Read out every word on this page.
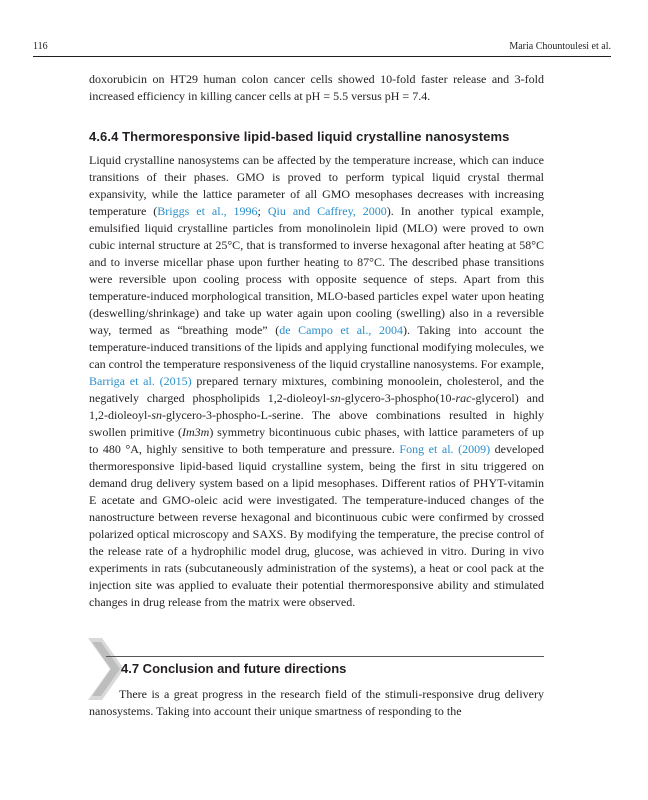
116	Maria Chountoulesi et al.

doxorubicin on HT29 human colon cancer cells showed 10-fold faster release and 3-fold increased efficiency in killing cancer cells at pH = 5.5 versus pH = 7.4.

4.6.4 Thermoresponsive lipid-based liquid crystalline nanosystems

Liquid crystalline nanosystems can be affected by the temperature increase, which can induce transitions of their phases. GMO is proved to perform typical liquid crystal thermal expansivity, while the lattice parameter of all GMO mesophases decreases with increasing temperature (Briggs et al., 1996; Qiu and Caffrey, 2000). In another typical example, emulsified liquid crystalline particles from monolinolein lipid (MLO) were proved to own cubic internal structure at 25°C, that is transformed to inverse hexagonal after heating at 58°C and to inverse micellar phase upon further heating to 87°C. The described phase transitions were reversible upon cooling process with opposite sequence of steps. Apart from this temperature-induced morphological transition, MLO-based particles expel water upon heating (deswelling/shrinkage) and take up water again upon cooling (swelling) also in a reversible way, termed as “breathing mode” (de Campo et al., 2004). Taking into account the temperature-induced transitions of the lipids and applying functional modifying molecules, we can control the temperature responsiveness of the liquid crystalline nanosystems. For example, Barriga et al. (2015) prepared ternary mixtures, combining monoolein, cholesterol, and the negatively charged phospholipids 1,2-dioleoyl-sn-glycero-3-phospho(10-rac-glycerol) and 1,2-dioleoyl-sn-glycero-3-phospho-L-serine. The above combinations resulted in highly swollen primitive (Im3m) symmetry bicontinuous cubic phases, with lattice parameters of up to 480 °A, highly sensitive to both temperature and pressure. Fong et al. (2009) developed thermoresponsive lipid-based liquid crystalline system, being the first in situ triggered on demand drug delivery system based on a lipid mesophases. Different ratios of PHYT-vitamin E acetate and GMO-oleic acid were investigated. The temperature-induced changes of the nanostructure between reverse hexagonal and bicontinuous cubic were confirmed by crossed polarized optical microscopy and SAXS. By modifying the temperature, the precise control of the release rate of a hydrophilic model drug, glucose, was achieved in vitro. During in vivo experiments in rats (subcutaneously administration of the systems), a heat or cool pack at the injection site was applied to evaluate their potential thermoresponsive ability and stimulated changes in drug release from the matrix were observed.

4.7 Conclusion and future directions

There is a great progress in the research field of the stimuli-responsive drug delivery nanosystems. Taking into account their unique smartness of responding to the
